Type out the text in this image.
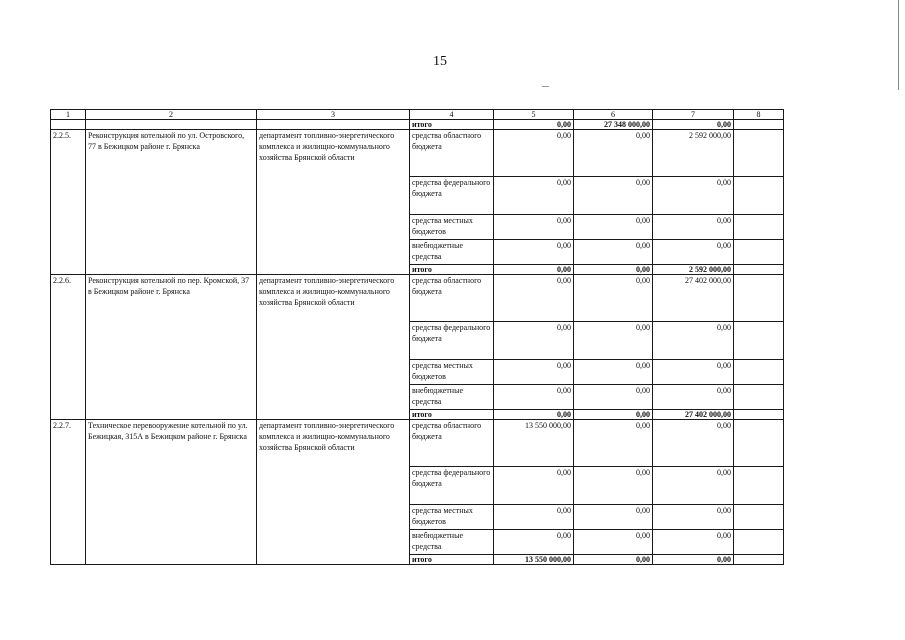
15
1	2	3	4	5	6	7	8
			итого	0,00	27 348 000,00	0,00	
2.2.5.	Реконструкция котельной по ул. Островского, 77 в Бежицком районе г. Брянска	департамент топливно-энергетического комплекса и жилищно-коммунального хозяйства Брянской области	средства областного бюджета	0,00	0,00	2 592 000,00	
			средства федерального бюджета	0,00	0,00	0,00	
			средства местных бюджетов	0,00	0,00	0,00	
			внебюджетные средства	0,00	0,00	0,00	
			итого	0,00	0,00	2 592 000,00	
2.2.6.	Реконструкция котельной по пер. Кромской, 37 в Бежицком районе г. Брянска	департамент топливно-энергетического комплекса и жилищно-коммунального хозяйства Брянской области	средства областного бюджета	0,00	0,00	27 402 000,00	
			средства федерального бюджета	0,00	0,00	0,00	
			средства местных бюджетов	0,00	0,00	0,00	
			внебюджетные средства	0,00	0,00	0,00	
			итого	0,00	0,00	27 402 000,00	
2.2.7.	Техническое перевооружение котельной по ул. Бежицкая, 315А в Бежицком районе г. Брянска	департамент топливно-энергетического комплекса и жилищно-коммунального хозяйства Брянской области	средства областного бюджета	13 550 000,00	0,00	0,00	
			средства федерального бюджета	0,00	0,00	0,00	
			средства местных бюджетов	0,00	0,00	0,00	
			внебюджетные средства	0,00	0,00	0,00	
			итого	13 550 000,00	0,00	0,00	
